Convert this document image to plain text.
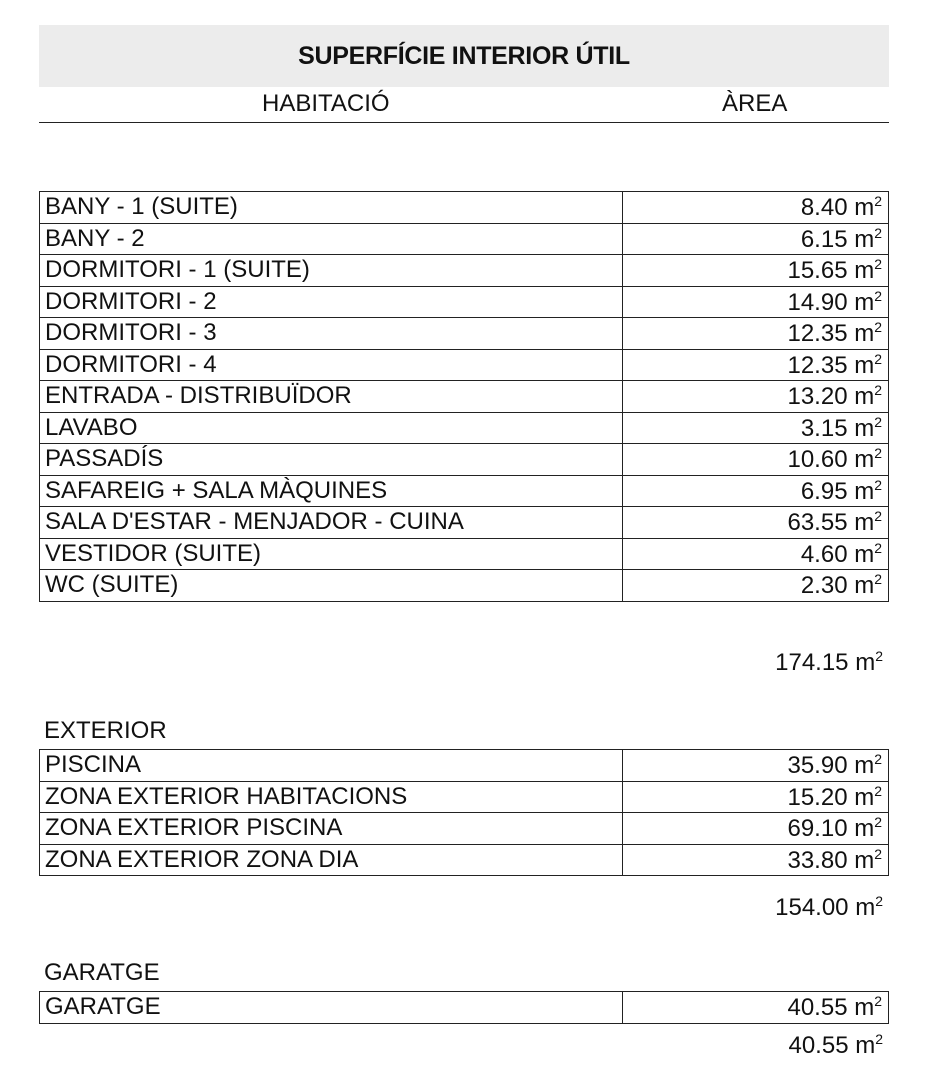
SUPERFÍCIE INTERIOR ÚTIL
HABITACIÓ	ÀREA
BANY - 1 (SUITE)	8.40 $m^2$
BANY - 2	6.15 $m^2$
DORMITORI - 1 (SUITE)	15.65 $m^2$
DORMITORI - 2	14.90 $m^2$
DORMITORI - 3	12.35 $m^2$
DORMITORI - 4	12.35 $m^2$
ENTRADA - DISTRIBUÏDOR	13.20 $m^2$
LAVABO	3.15 $m^2$
PASSADÍS	10.60 $m^2$
SAFAREIG + SALA MÀQUINES	6.95 $m^2$
SALA D'ESTAR - MENJADOR - CUINA	63.55 $m^2$
VESTIDOR (SUITE)	4.60 $m^2$
WC (SUITE)	2.30 $m^2$
174.15 $m^2$
EXTERIOR
PISCINA	35.90 $m^2$
ZONA EXTERIOR HABITACIONS	15.20 $m^2$
ZONA EXTERIOR PISCINA	69.10 $m^2$
ZONA EXTERIOR ZONA DIA	33.80 $m^2$
154.00 $m^2$
GARATGE
GARATGE	40.55 $m^2$
40.55 $m^2$
